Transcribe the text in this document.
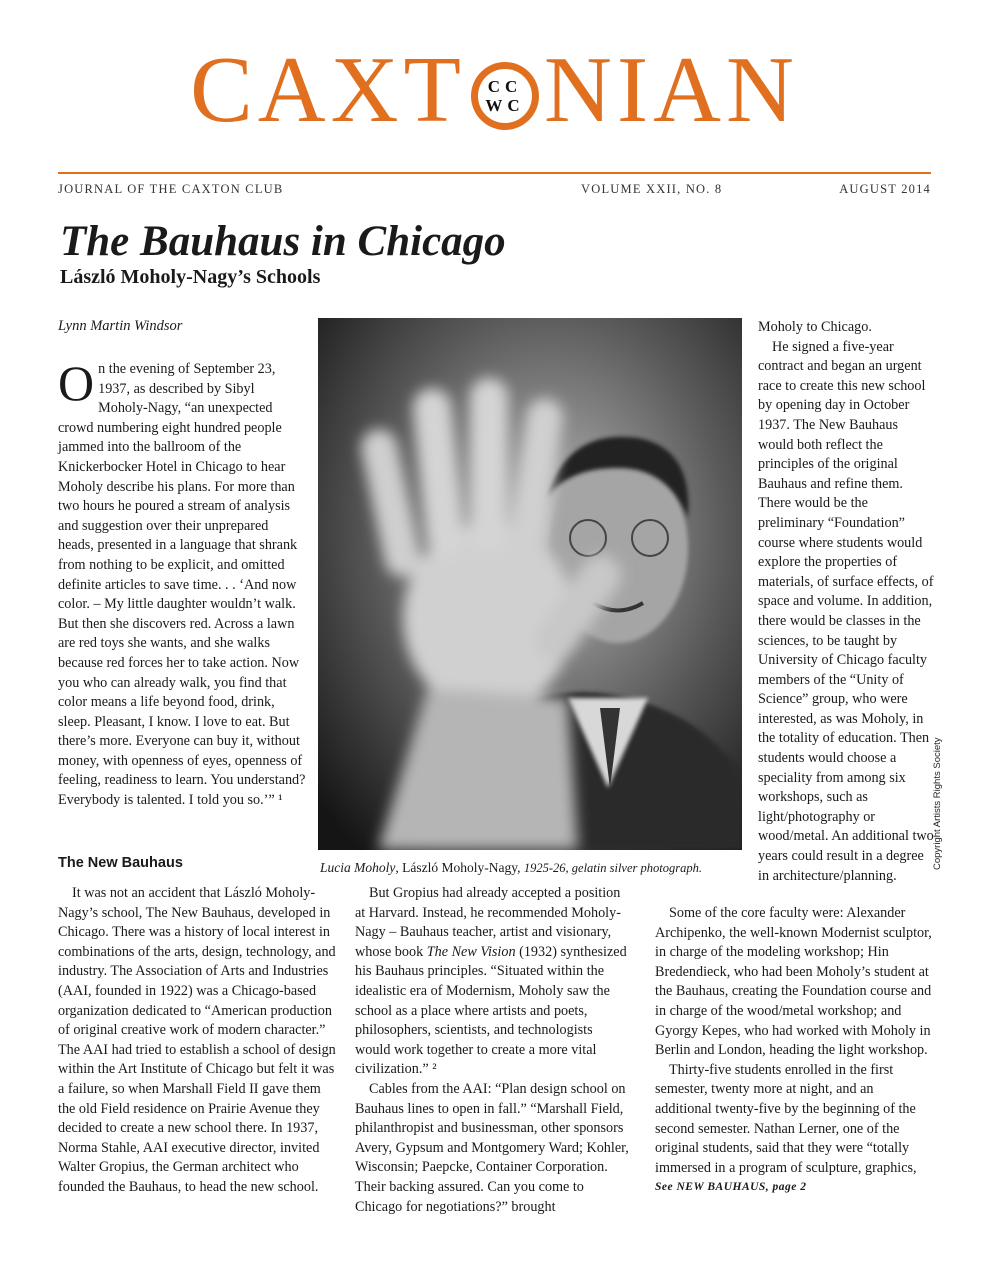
CAXT CC
WC NIAN
JOURNAL OF THE CAXTON CLUB	VOLUME XXII, NO. 8	AUGUST 2014
The Bauhaus in Chicago
László Moholy-Nagy’s Schools
Lynn Martin Windsor

On the evening of September 23, 1937, as described by Sibyl Moholy-Nagy, “an unexpected crowd numbering eight hundred people jammed into the ballroom of the Knickerbocker Hotel in Chicago to hear Moholy describe his plans. For more than two hours he poured a stream of analysis and suggestion over their unprepared heads, presented in a language that shrank from nothing to be explicit, and omitted definite articles to save time. . . ‘And now color. – My little daughter wouldn’t walk. But then she discovers red. Across a lawn are red toys she wants, and she walks because red forces her to take action. Now you who can already walk, you find that color means a life beyond food, drink, sleep. Pleasant, I know. I love to eat. But there’s more. Everyone can buy it, without money, with openness of eyes, openness of feeling, readiness to learn. You understand? Everybody is talented. I told you so.’” ¹

The New Bauhaus

It was not an accident that László Moholy-Nagy’s school, The New Bauhaus, developed in Chicago. There was a history of local interest in combinations of the arts, design, technology, and industry. The Association of Arts and Industries (AAI, founded in 1922) was a Chicago-based organization dedicated to “American production of original creative work of modern character.” The AAI had tried to establish a school of design within the Art Institute of Chicago but felt it was a failure, so when Marshall Field II gave them the old Field residence on Prairie Avenue they decided to create a new school there. In 1937, Norma Stahle, AAI executive director, invited Walter Gropius, the German architect who founded the Bauhaus, to head the new school.

Lucia Moholy, László Moholy-Nagy, 1925-26, gelatin silver photograph.	Copyright Artists Rights Society

But Gropius had already accepted a position at Harvard. Instead, he recommended Moholy-Nagy – Bauhaus teacher, artist and visionary, whose book The New Vision (1932) synthesized his Bauhaus principles. “Situated within the idealistic era of Modernism, Moholy saw the school as a place where artists and poets, philosophers, scientists, and technologists would work together to create a more vital civilization.” ²

Cables from the AAI: “Plan design school on Bauhaus lines to open in fall.” “Marshall Field, philanthropist and businessman, other sponsors Avery, Gypsum and Montgomery Ward; Kohler, Wisconsin; Paepcke, Container Corporation. Their backing assured. Can you come to Chicago for negotiations?” brought

Moholy to Chicago.

He signed a five-year contract and began an urgent race to create this new school by opening day in October 1937. The New Bauhaus would both reflect the principles of the original Bauhaus and refine them. There would be the preliminary “Foundation” course where students would explore the properties of materials, of surface effects, of space and volume. In addition, there would be classes in the sciences, to be taught by University of Chicago faculty members of the “Unity of Science” group, who were interested, as was Moholy, in the totality of education. Then students would choose a speciality from among six workshops, such as light/photography or wood/metal. An additional two years could result in a degree in architecture/planning.

Some of the core faculty were: Alexander Archipenko, the well-known Modernist sculptor, in charge of the modeling workshop; Hin Bredendieck, who had been Moholy’s student at the Bauhaus, creating the Foundation course and in charge of the wood/metal workshop; and Gyorgy Kepes, who had worked with Moholy in Berlin and London, heading the light workshop.

Thirty-five students enrolled in the first semester, twenty more at night, and an additional twenty-five by the beginning of the second semester. Nathan Lerner, one of the original students, said that they were “totally immersed in a program of sculpture, graphics,

See NEW BAUHAUS, page 2
